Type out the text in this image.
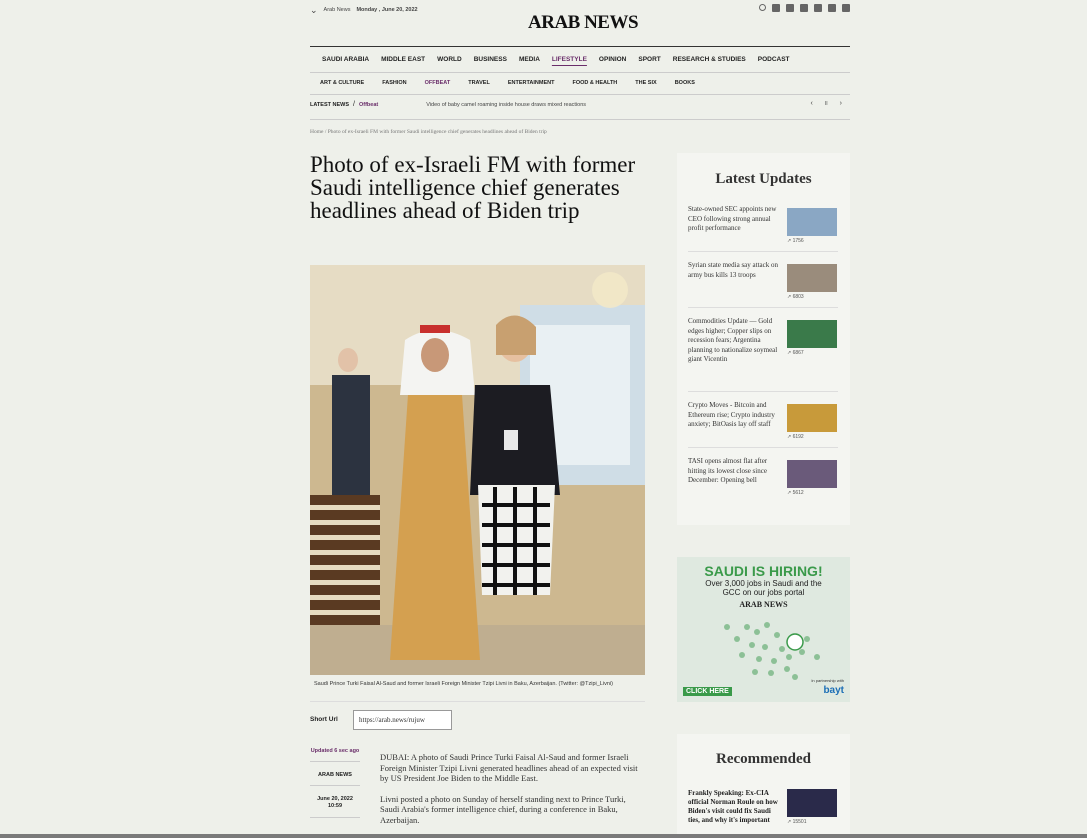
⌄ Arab News Monday , June 20, 2022
ARAB NEWS
SAUDI ARABIA MIDDLE EAST WORLD BUSINESS MEDIA LIFESTYLE OPINION SPORT RESEARCH & STUDIES PODCAST
ART & CULTURE	FASHION	OFFBEAT	TRAVEL	ENTERTAINMENT	FOOD & HEALTH	THE SIX	BOOKS
LATEST NEWS / Offbeat	Video of baby camel roaming inside house draws mixed reactions	‹ II ›
Home / Photo of ex-Israeli FM with former Saudi intelligence chief generates headlines ahead of Biden trip
Photo of ex-Israeli FM with former Saudi intelligence chief generates headlines ahead of Biden trip
Saudi Prince Turki Faisal Al-Saud and former Israeli Foreign Minister Tzipi Livni in Baku, Azerbaijan. (Twitter: @Tzipi_Livni)
Short Url	https://arab.news/rujuw
Updated 6 sec ago
ARAB NEWS
June 20, 2022
10:59

DUBAI: A photo of Saudi Prince Turki Faisal Al-Saud and former Israeli Foreign Minister Tzipi Livni generated headlines ahead of an expected visit by US President Joe Biden to the Middle East.

Livni posted a photo on Sunday of herself standing next to Prince Turki, Saudi Arabia's former intelligence chief, during a conference in Baku, Azerbaijan.

Latest Updates
State-owned SEC appoints new CEO following strong annual profit performance
↗ 1756
Syrian state media say attack on army bus kills 13 troops
↗ 6803
Commodities Update — Gold edges higher; Copper slips on recession fears; Argentina planning to nationalize soymeal giant Vicentin
↗ 6867
Crypto Moves - Bitcoin and Ethereum rise; Crypto industry anxiety; BitOasis lay off staff
↗ 6192
TASI opens almost flat after hitting its lowest close since December: Opening bell
↗ 5612
SAUDI IS HIRING!
Over 3,000 jobs in Saudi and the GCC on our jobs portal
ARAB NEWS
In partnership with
CLICK HERE	bayt
Recommended
Frankly Speaking: Ex-CIA official Norman Roule on how Biden's visit could fix Saudi ties, and why it's important	↗ 15501
